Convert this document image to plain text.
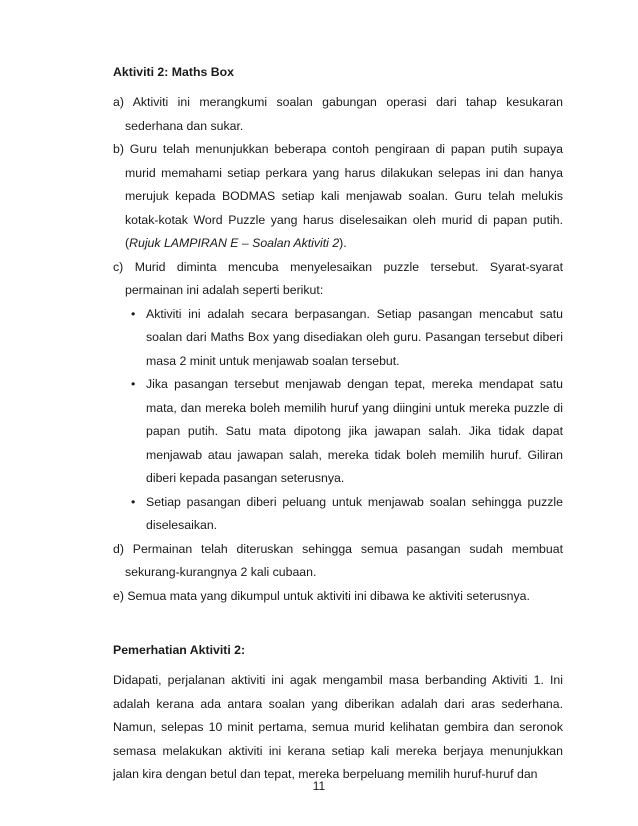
Aktiviti 2: Maths Box

a) Aktiviti ini merangkumi soalan gabungan operasi dari tahap kesukaran sederhana dan sukar.

b) Guru telah menunjukkan beberapa contoh pengiraan di papan putih supaya murid memahami setiap perkara yang harus dilakukan selepas ini dan hanya merujuk kepada BODMAS setiap kali menjawab soalan. Guru telah melukis kotak-kotak Word Puzzle yang harus diselesaikan oleh murid di papan putih. (Rujuk LAMPIRAN E – Soalan Aktiviti 2).

c) Murid diminta mencuba menyelesaikan puzzle tersebut. Syarat-syarat permainan ini adalah seperti berikut:

• Aktiviti ini adalah secara berpasangan. Setiap pasangan mencabut satu soalan dari Maths Box yang disediakan oleh guru. Pasangan tersebut diberi masa 2 minit untuk menjawab soalan tersebut.
• Jika pasangan tersebut menjawab dengan tepat, mereka mendapat satu mata, dan mereka boleh memilih huruf yang diingini untuk mereka puzzle di papan putih. Satu mata dipotong jika jawapan salah. Jika tidak dapat menjawab atau jawapan salah, mereka tidak boleh memilih huruf. Giliran diberi kepada pasangan seterusnya.
• Setiap pasangan diberi peluang untuk menjawab soalan sehingga puzzle diselesaikan.

d) Permainan telah diteruskan sehingga semua pasangan sudah membuat sekurang-kurangnya 2 kali cubaan.

e) Semua mata yang dikumpul untuk aktiviti ini dibawa ke aktiviti seterusnya.

Pemerhatian Aktiviti 2:

Didapati, perjalanan aktiviti ini agak mengambil masa berbanding Aktiviti 1. Ini adalah kerana ada antara soalan yang diberikan adalah dari aras sederhana. Namun, selepas 10 minit pertama, semua murid kelihatan gembira dan seronok semasa melakukan aktiviti ini kerana setiap kali mereka berjaya menunjukkan jalan kira dengan betul dan tepat, mereka berpeluang memilih huruf-huruf dan

11
